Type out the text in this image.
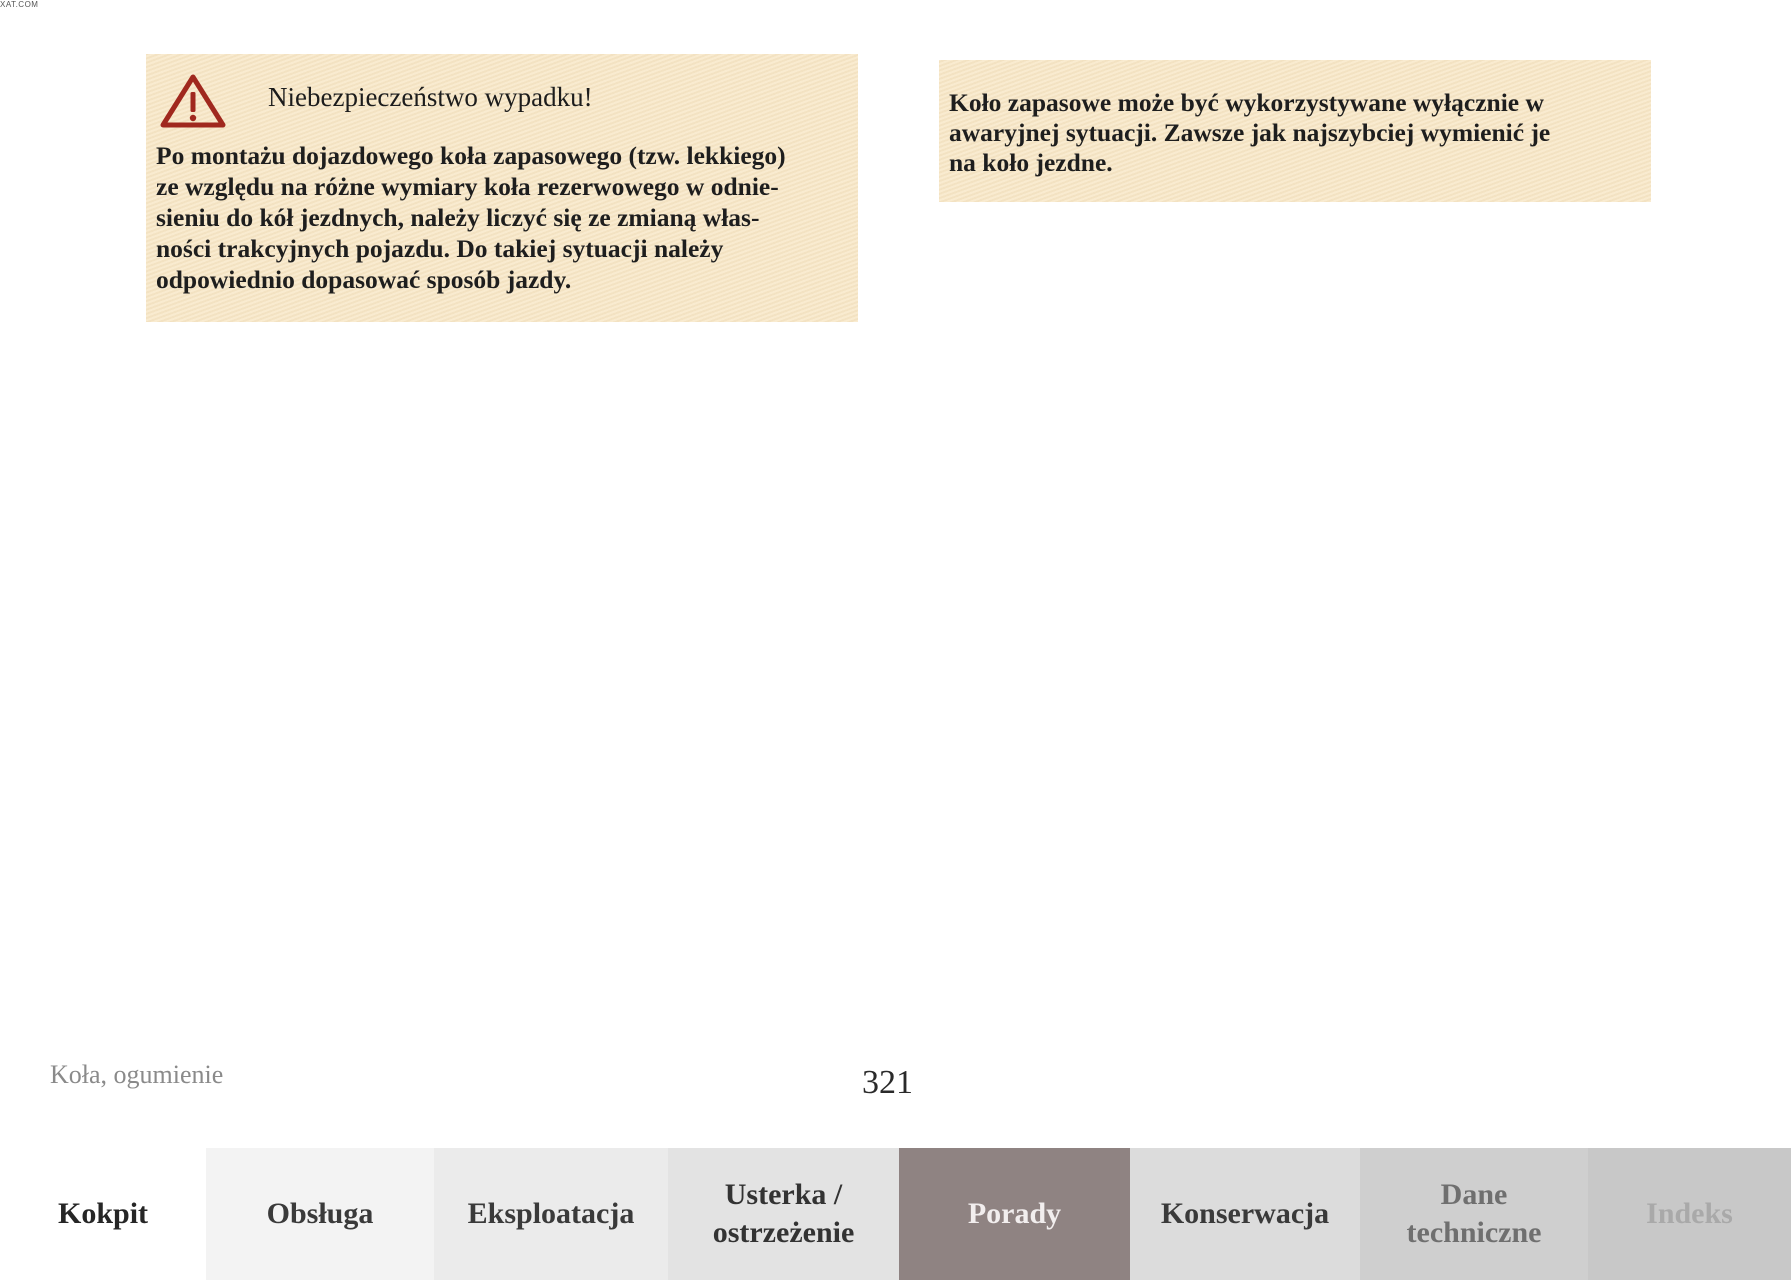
XAT.COM
Niebezpieczeństwo wypadku!
Po montażu dojazdowego koła zapasowego (tzw. lekkiego)
ze względu na różne wymiary koła rezerwowego w odnie-
sieniu do kół jezdnych, należy liczyć się ze zmianą włas-
ności trakcyjnych pojazdu. Do takiej sytuacji należy
odpowiednio dopasować sposób jazdy.
Koło zapasowe może być wykorzystywane wyłącznie w
awaryjnej sytuacji. Zawsze jak najszybciej wymienić je
na koło jezdne.
Koła, ogumienie	321
Kokpit	Obsługa	Eksploatacja
Usterka /
ostrzeżenie
Porady	Konserwacja
Dane
techniczne
Indeks
